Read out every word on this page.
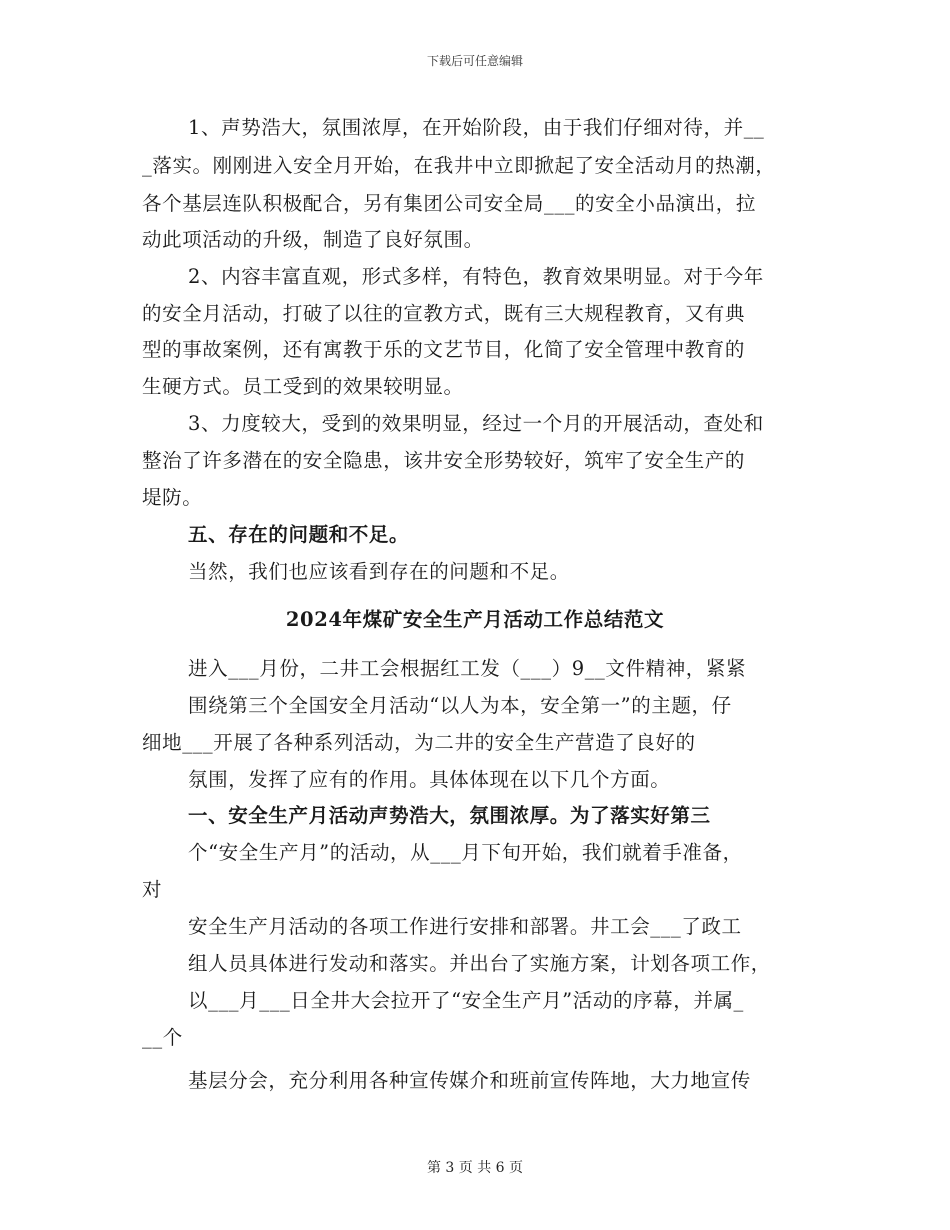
下载后可任意编辑

1、声势浩大，氛围浓厚，在开始阶段，由于我们仔细对待，并__

_落实。刚刚进入安全月开始，在我井中立即掀起了安全活动月的热潮，

各个基层连队积极配合，另有集团公司安全局___的安全小品演出，拉

动此项活动的升级，制造了良好氛围。

2、内容丰富直观，形式多样，有特色，教育效果明显。对于今年

的安全月活动，打破了以往的宣教方式，既有三大规程教育，又有典

型的事故案例，还有寓教于乐的文艺节目，化简了安全管理中教育的

生硬方式。员工受到的效果较明显。

3、力度较大，受到的效果明显，经过一个月的开展活动，查处和

整治了许多潜在的安全隐患，该井安全形势较好，筑牢了安全生产的

堤防。

五、存在的问题和不足。

当然，我们也应该看到存在的问题和不足。

2024年煤矿安全生产月活动工作总结范文

进入___月份，二井工会根据红工发（___）9__文件精神，紧紧

围绕第三个全国安全月活动“以人为本，安全第一”的主题，仔

细地___开展了各种系列活动，为二井的安全生产营造了良好的

氛围，发挥了应有的作用。具体体现在以下几个方面。

一、安全生产月活动声势浩大，氛围浓厚。为了落实好第三

个“安全生产月”的活动，从___月下旬开始，我们就着手准备，

对

安全生产月活动的各项工作进行安排和部署。井工会___了政工

组人员具体进行发动和落实。并出台了实施方案，计划各项工作，

以___月___日全井大会拉开了“安全生产月”活动的序幕，并属_

__个

基层分会，充分利用各种宣传媒介和班前宣传阵地，大力地宣传

第 3 页 共 6 页
